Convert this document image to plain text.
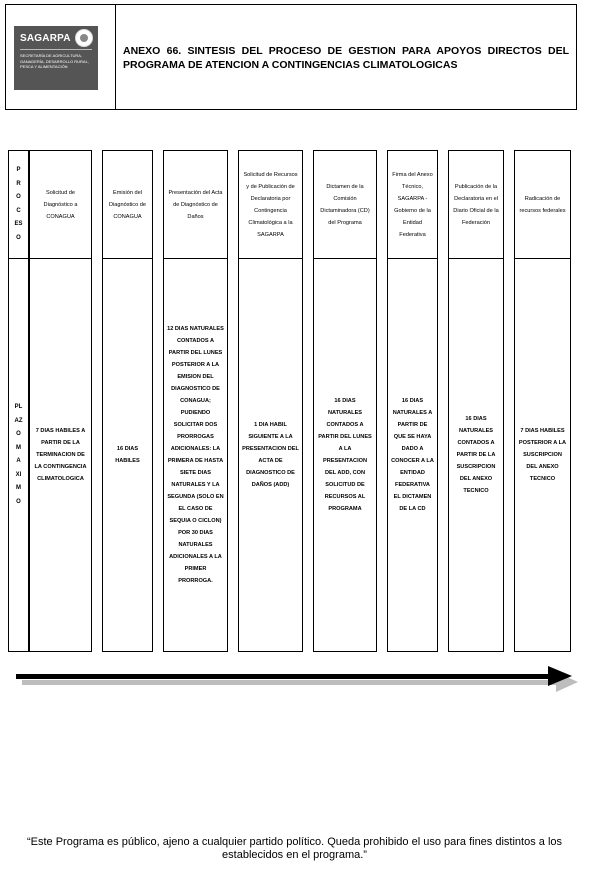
SAGARPA
SECRETARÍA DE AGRICULTURA, GANADERÍA, DESARROLLO RURAL, PESCA Y ALIMENTACIÓN
ANEXO 66. SINTESIS DEL PROCESO DE GESTION PARA APOYOS DIRECTOS DEL PROGRAMA DE ATENCION A CONTINGENCIAS CLIMATOLOGICAS
PROCESO
PLAZO MAXIMO
Solicitud de Diagnóstico a CONAGUA
7 DIAS HABILES A PARTIR DE LA TERMINACION DE LA CONTINGENCIA CLIMATOLOGICA
Emisión del Diagnóstico de CONAGUA
16 DIAS HABILES
Presentación del Acta de Diagnóstico de Daños
12 DIAS NATURALES CONTADOS A PARTIR DEL LUNES POSTERIOR A LA EMISION DEL DIAGNOSTICO DE CONAGUA; PUDIENDO SOLICITAR DOS PRORROGAS ADICIONALES: LA PRIMERA DE HASTA SIETE DIAS NATURALES Y LA SEGUNDA (SOLO EN EL CASO DE SEQUIA O CICLON) POR 30 DIAS NATURALES ADICIONALES A LA PRIMER PRORROGA.
Solicitud de Recursos y de Publicación de Declaratoria por Contingencia Climatológica a la SAGARPA
1 DIA HABIL SIGUIENTE A LA PRESENTACION DEL ACTA DE DIAGNOSTICO DE DAÑOS (ADD)
Dictamen de la Comisión Dictaminadora (CD) del Programa
16 DIAS NATURALES CONTADOS A PARTIR DEL LUNES A LA PRESENTACION DEL ADD, CON SOLICITUD DE RECURSOS AL PROGRAMA
Firma del Anexo Técnico, SAGARPA - Gobierno de la Entidad Federativa
16 DIAS NATURALES A PARTIR DE QUE SE HAYA DADO A CONOCER A LA ENTIDAD FEDERATIVA EL DICTAMEN DE LA CD
Publicación de la Declaratoria en el Diario Oficial de la Federación
16 DIAS NATURALES CONTADOS A PARTIR DE LA SUSCRIPCION DEL ANEXO TECNICO
Radicación de recursos federales
7 DIAS HABILES POSTERIOR A LA SUSCRIPCION DEL ANEXO TECNICO
“Este Programa es público, ajeno a cualquier partido político. Queda prohibido el uso para fines distintos a los establecidos en el programa.”
